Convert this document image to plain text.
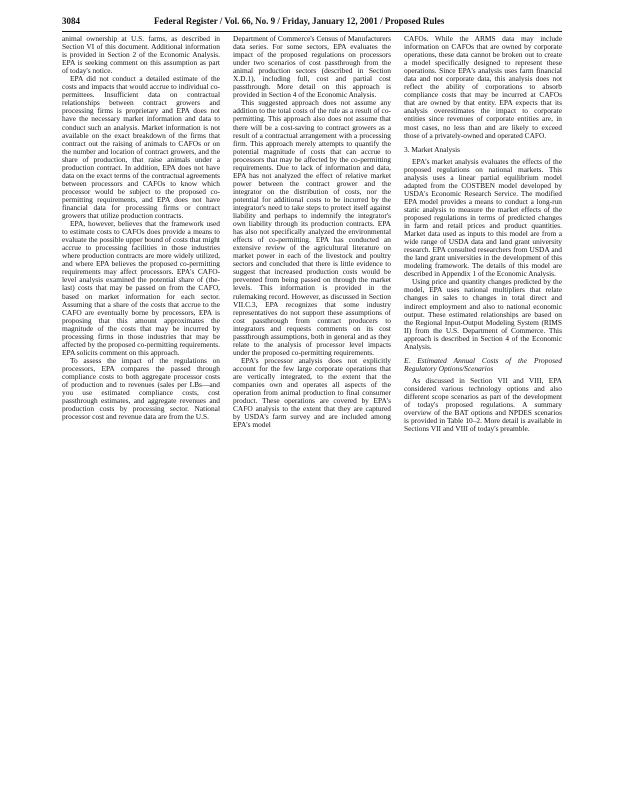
3084	Federal Register / Vol. 66, No. 9 / Friday, January 12, 2001 / Proposed Rules

animal ownership at U.S. farms, as described in Section VI of this document. Additional information is provided in Section 2 of the Economic Analysis. EPA is seeking comment on this assumption as part of today's notice.

EPA did not conduct a detailed estimate of the costs and impacts that would accrue to individual co-permittees. Insufficient data on contractual relationships between contract growers and processing firms is proprietary and EPA does not have the necessary market information and data to conduct such an analysis. Market information is not available on the exact breakdown of the firms that contract out the raising of animals to CAFOs or on the number and location of contract growers, and the share of production, that raise animals under a production contract. In addition, EPA does not have data on the exact terms of the contractual agreements between processors and CAFOs to know which processor would be subject to the proposed co-permitting requirements, and EPA does not have financial data for processing firms or contract growers that utilize production contracts.

EPA, however, believes that the framework used to estimate costs to CAFOs does provide a means to evaluate the possible upper bound of costs that might accrue to processing facilities in those industries where production contracts are more widely utilized, and where EPA believes the proposed co-permitting requirements may affect processors. EPA's CAFO-level analysis examined the potential share of (the-last) costs that may be passed on from the CAFO, based on market information for each sector. Assuming that a share of the costs that accrue to the CAFO are eventually borne by processors, EPA is proposing that this amount approximates the magnitude of the costs that may be incurred by processing firms in those industries that may be affected by the proposed co-permitting requirements. EPA solicits comment on this approach.

To assess the impact of the regulations on processors, EPA compares the passed through compliance costs to both aggregate processor costs of production and to revenues (sales per LBs—and you use estimated compliance costs, cost passthrough estimates, and aggregate revenues and production costs by processing sector. National processor cost and revenue data are from the U.S.

Department of Commerce's Census of Manufacturers data series. For some sectors, EPA evaluates the impact of the proposed regulations on processors under two scenarios of cost passthrough from the animal production sectors (described in Section X.D.1), including full, cost and partial cost passthrough. More detail on this approach is provided in Section 4 of the Economic Analysis.

This suggested approach does not assume any addition to the total costs of the rule as a result of co-permitting. This approach also does not assume that there will be a cost-saving to contract growers as a result of a contractual arrangement with a processing firm. This approach merely attempts to quantify the potential magnitude of costs that can accrue to processors that may be affected by the co-permitting requirements. Due to lack of information and data, EPA has not analyzed the effect of relative market power between the contract grower and the integrator on the distribution of costs, nor the potential for additional costs to be incurred by the integrator's need to take steps to protect itself against liability and perhaps to indemnify the integrator's own liability through its production contracts. EPA has also not specifically analyzed the environmental effects of co-permitting. EPA has conducted an extensive review of the agricultural literature on market power in each of the livestock and poultry sectors and concluded that there is little evidence to suggest that increased production costs would be prevented from being passed on through the market levels. This information is provided in the rulemaking record. However, as discussed in Section VII.C.3, EPA recognizes that some industry representatives do not support these assumptions of cost passthrough from contract producers to integrators and requests comments on its cost passthrough assumptions, both in general and as they relate to the analysis of processor level impacts under the proposed co-permitting requirements.

EPA's processor analysis does not explicitly account for the few large corporate operations that are vertically integrated, to the extent that the companies own and operates all aspects of the operation from animal production to final consumer product. These operations are covered by EPA's CAFO analysis to the extent that they are captured by USDA's farm survey and are included among EPA's model

CAFOs. While the ARMS data may include information on CAFOs that are owned by corporate operations, these data cannot be broken out to create a model specifically designed to represent these operations. Since EPA's analysis uses farm financial data and not corporate data, this analysis does not reflect the ability of corporations to absorb compliance costs that may be incurred at CAFOs that are owned by that entity. EPA expects that its analysis overestimates the impact to corporate entities since revenues of corporate entities are, in most cases, no less than and are likely to exceed those of a privately-owned and operated CAFO.

3. Market Analysis

EPA's market analysis evaluates the effects of the proposed regulations on national markets. This analysis uses a linear partial equilibrium model adapted from the COSTBEN model developed by USDA's Economic Research Service. The modified EPA model provides a means to conduct a long-run static analysis to measure the market effects of the proposed regulations in terms of predicted changes in farm and retail prices and product quantities. Market data used as inputs to this model are from a wide range of USDA data and land grant university research. EPA consulted researchers from USDA and the land grant universities in the development of this modeling framework. The details of this model are described in Appendix 1 of the Economic Analysis.

Using price and quantity changes predicted by the model, EPA uses national multipliers that relate changes in sales to changes in total direct and indirect employment and also to national economic output. These estimated relationships are based on the Regional Input-Output Modeling System (RIMS II) from the U.S. Department of Commerce. This approach is described in Section 4 of the Economic Analysis.

E. Estimated Annual Costs of the Proposed Regulatory Options/Scenarios

As discussed in Section VII and VIII, EPA considered various technology options and also different scope scenarios as part of the development of today's proposed regulations. A summary overview of the BAT options and NPDES scenarios is provided in Table 10–2. More detail is available in Sections VII and VIII of today's preamble.
